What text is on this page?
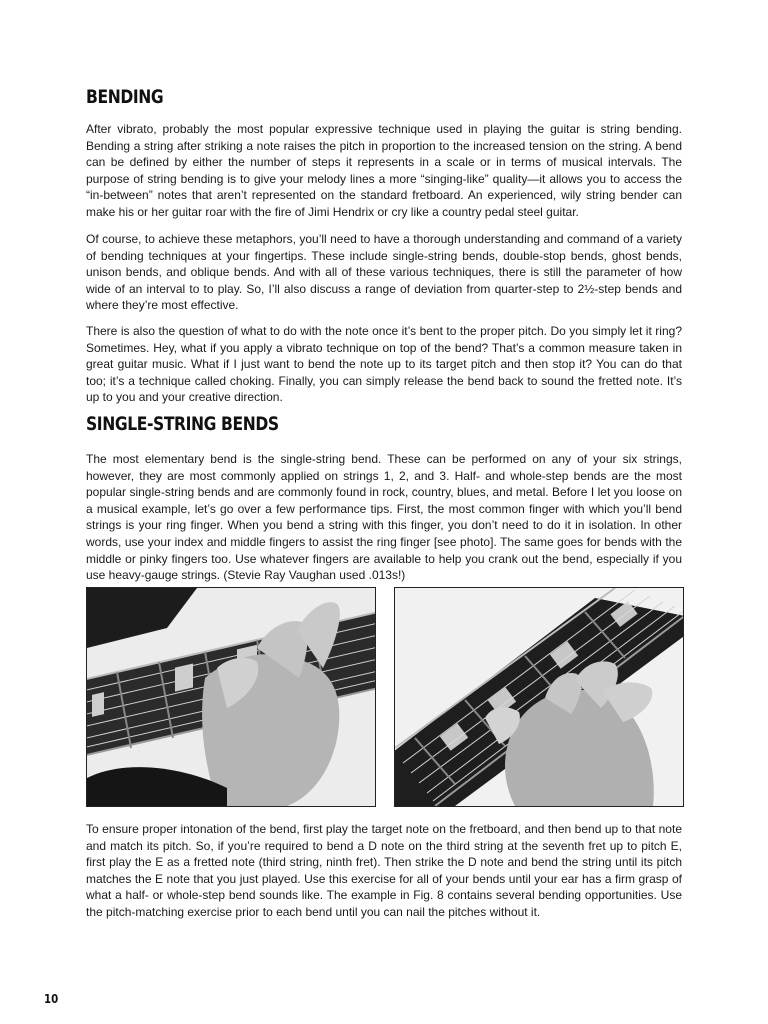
BENDING

After vibrato, probably the most popular expressive technique used in playing the guitar is string bending. Bending a string after striking a note raises the pitch in proportion to the increased tension on the string. A bend can be defined by either the number of steps it represents in a scale or in terms of musical intervals. The purpose of string bending is to give your melody lines a more “singing-like” quality—it allows you to access the “in-between” notes that aren’t represented on the standard fretboard. An experienced, wily string bender can make his or her guitar roar with the fire of Jimi Hendrix or cry like a country pedal steel guitar.

Of course, to achieve these metaphors, you’ll need to have a thorough understanding and command of a variety of bending techniques at your fingertips. These include single-string bends, double-stop bends, ghost bends, unison bends, and oblique bends. And with all of these various techniques, there is still the parameter of how wide of an interval to to play. So, I’ll also discuss a range of deviation from quarter-step to 2½-step bends and where they’re most effective.

There is also the question of what to do with the note once it’s bent to the proper pitch. Do you simply let it ring? Sometimes. Hey, what if you apply a vibrato technique on top of the bend? That’s a common measure taken in great guitar music. What if I just want to bend the note up to its target pitch and then stop it? You can do that too; it’s a technique called choking. Finally, you can simply release the bend back to sound the fretted note. It’s up to you and your creative direction.

SINGLE-STRING BENDS

The most elementary bend is the single-string bend. These can be performed on any of your six strings, however, they are most commonly applied on strings 1, 2, and 3. Half- and whole-step bends are the most popular single-string bends and are commonly found in rock, country, blues, and metal. Before I let you loose on a musical example, let’s go over a few performance tips. First, the most common finger with which you’ll bend strings is your ring finger. When you bend a string with this finger, you don’t need to do it in isolation. In other words, use your index and middle fingers to assist the ring finger [see photo]. The same goes for bends with the middle or pinky fingers too. Use whatever fingers are available to help you crank out the bend, especially if you use heavy-gauge strings. (Stevie Ray Vaughan used .013s!)

To ensure proper intonation of the bend, first play the target note on the fretboard, and then bend up to that note and match its pitch. So, if you’re required to bend a D note on the third string at the seventh fret up to pitch E, first play the E as a fretted note (third string, ninth fret). Then strike the D note and bend the string until its pitch matches the E note that you just played. Use this exercise for all of your bends until your ear has a firm grasp of what a half- or whole-step bend sounds like. The example in Fig. 8 contains several bending opportunities. Use the pitch-matching exercise prior to each bend until you can nail the pitches without it.

10
